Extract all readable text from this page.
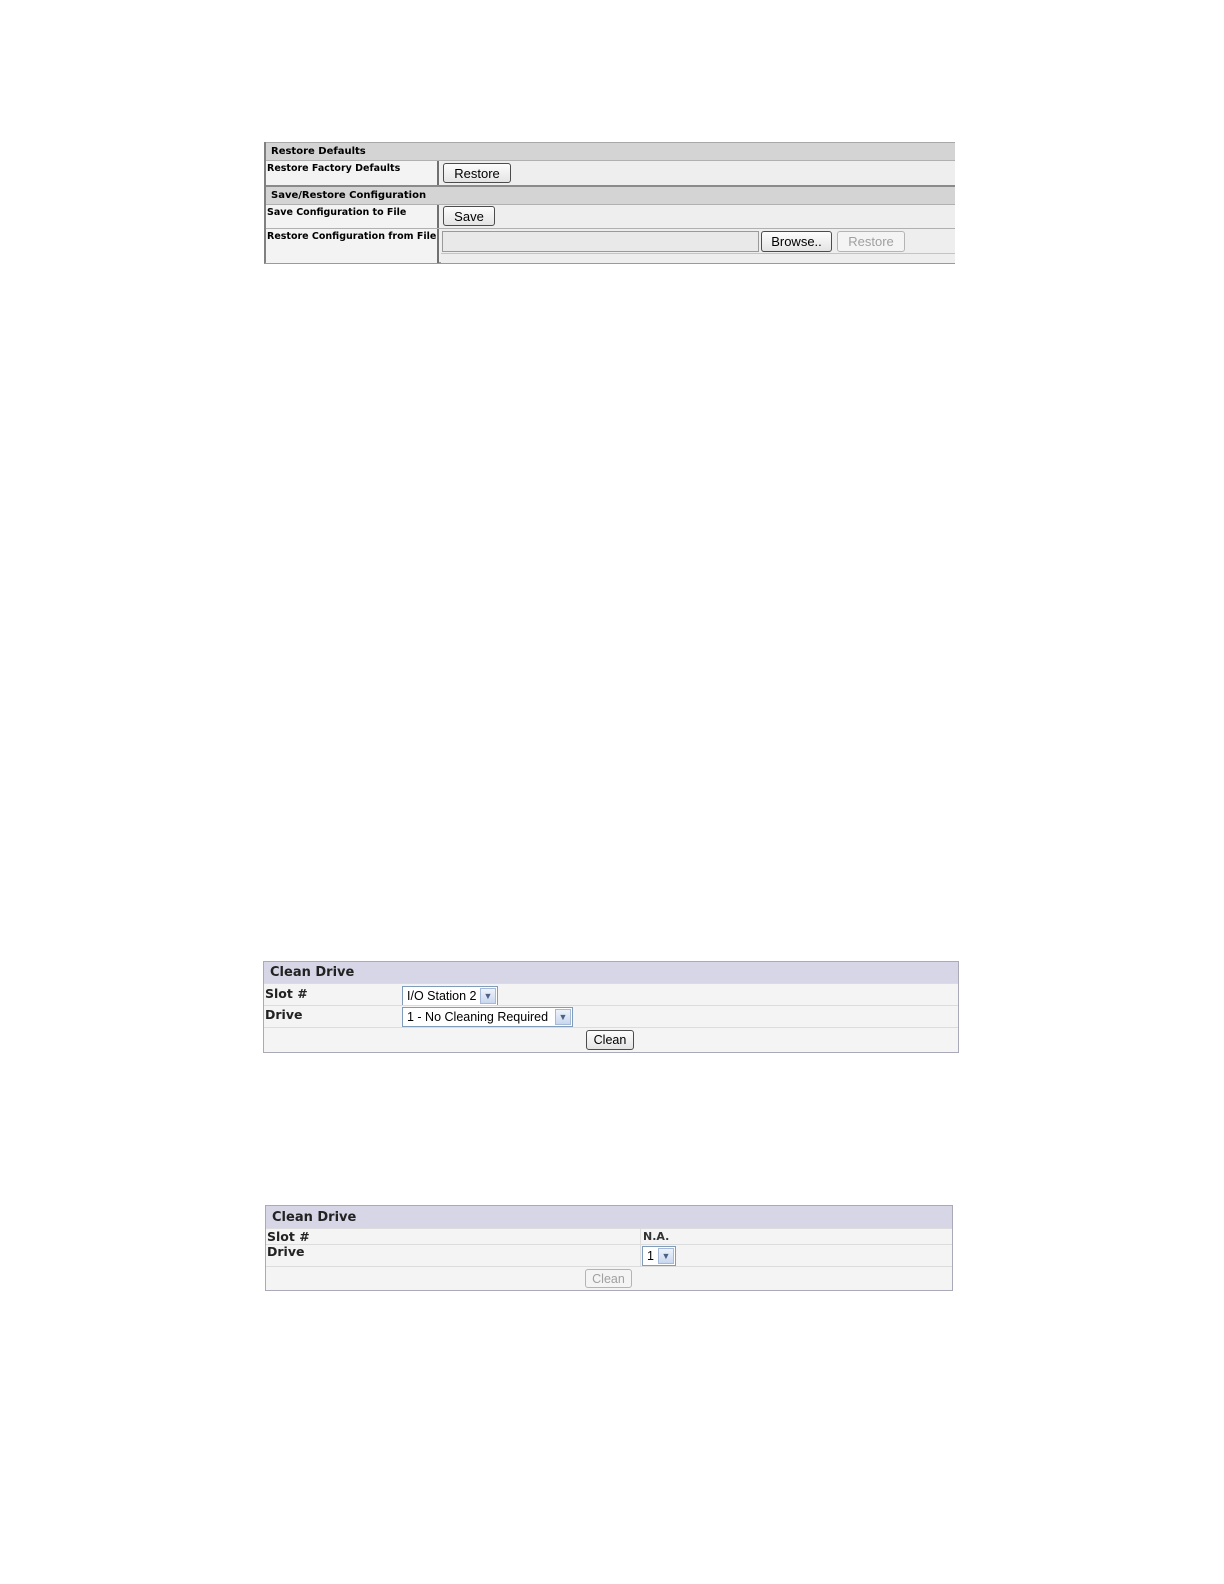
Restore Defaults
Restore Factory Defaults	Restore
Save/Restore Configuration
Save Configuration to File	Save
Restore Configuration from File	Browse..	Restore
Clean Drive
Slot #	I/O Station 2 ▼
Drive	1 - No Cleaning Required	▼
Clean
Clean Drive
Slot #	N.A.
Drive	1 ▼
Clean
